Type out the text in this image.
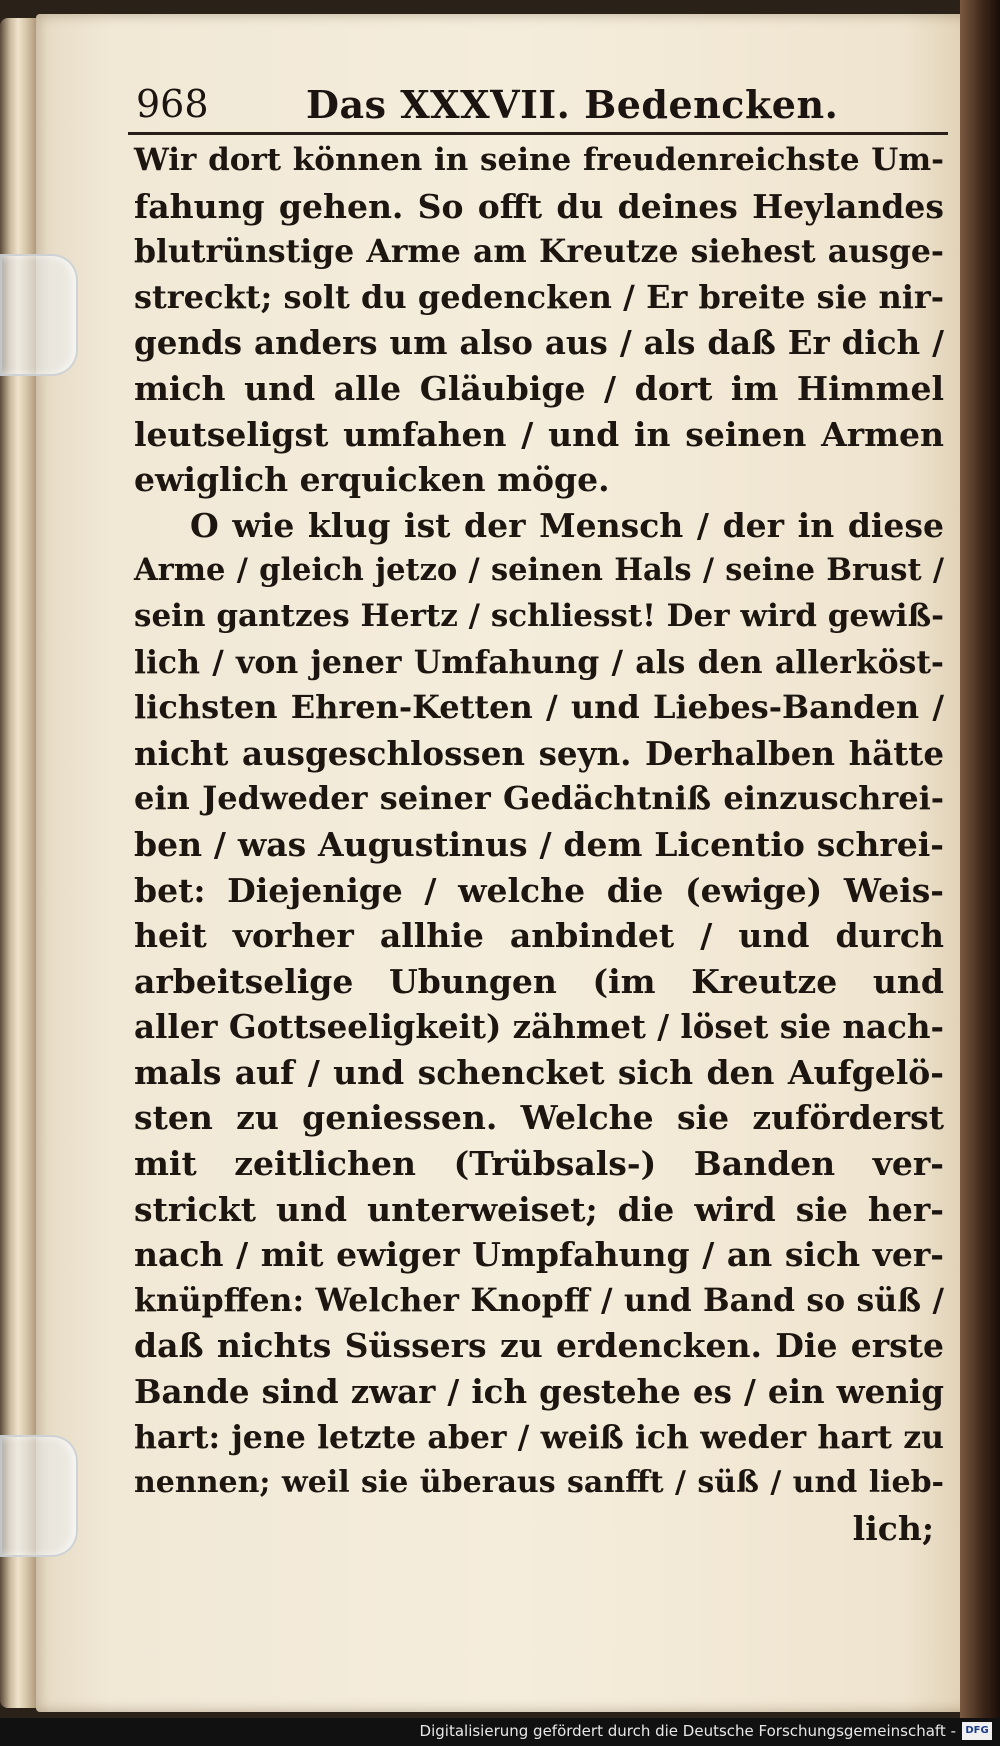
968	Das XXXVII. Bedencken.
Wir dort können in seine freudenreichste Um-
fahung gehen. So offt du deines Heylandes
blutrünstige Arme am Kreutze siehest ausge-
streckt; solt du gedencken / Er breite sie nir-
gends anders um also aus / als daß Er dich /
mich und alle Gläubige / dort im Himmel
leutseligst umfahen / und in seinen Armen
ewiglich erquicken möge.
O wie klug ist der Mensch / der in diese
Arme / gleich jetzo / seinen Hals / seine Brust /
sein gantzes Hertz / schliesst! Der wird gewiß-
lich / von jener Umfahung / als den allerköst-
lichsten Ehren-Ketten / und Liebes-Banden /
nicht ausgeschlossen seyn. Derhalben hätte
ein Jedweder seiner Gedächtniß einzuschrei-
ben / was Augustinus / dem Licentio schrei-
bet: Diejenige / welche die (ewige) Weis-
heit vorher allhie anbindet / und durch
arbeitselige Ubungen (im Kreutze und
aller Gottseeligkeit) zähmet / löset sie nach-
mals auf / und schencket sich den Aufgelö-
sten zu geniessen. Welche sie zuförderst
mit zeitlichen (Trübsals-) Banden ver-
strickt und unterweiset; die wird sie her-
nach / mit ewiger Umpfahung / an sich ver-
knüpffen: Welcher Knopff / und Band so süß /
daß nichts Süssers zu erdencken. Die erste
Bande sind zwar / ich gestehe es / ein wenig
hart: jene letzte aber / weiß ich weder hart zu
nennen; weil sie überaus sanfft / süß / und lieb-
lich;
Digitalisierung gefördert durch die Deutsche Forschungsgemeinschaft - DFG
